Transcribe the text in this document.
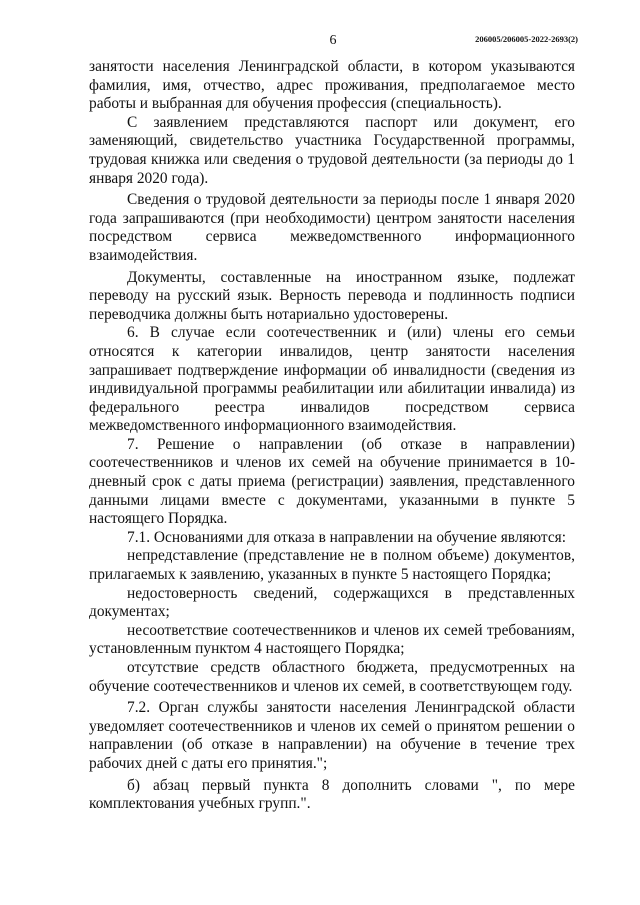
6	206005/206005-2022-2693(2)

занятости населения Ленинградской области, в котором указываются фамилия, имя, отчество, адрес проживания, предполагаемое место работы и выбранная для обучения профессия (специальность).

С заявлением представляются паспорт или документ, его заменяющий, свидетельство участника Государственной программы, трудовая книжка или сведения о трудовой деятельности (за периоды до 1 января 2020 года).

Сведения о трудовой деятельности за периоды после 1 января 2020 года запрашиваются (при необходимости) центром занятости населения посредством сервиса межведомственного информационного взаимодействия.

Документы, составленные на иностранном языке, подлежат переводу на русский язык. Верность перевода и подлинность подписи переводчика должны быть нотариально удостоверены.

6. В случае если соотечественник и (или) члены его семьи относятся к категории инвалидов, центр занятости населения запрашивает подтверждение информации об инвалидности (сведения из индивидуальной программы реабилитации или абилитации инвалида) из федерального реестра инвалидов посредством сервиса межведомственного информационного взаимодействия.

7. Решение о направлении (об отказе в направлении) соотечественников и членов их семей на обучение принимается в 10-дневный срок с даты приема (регистрации) заявления, представленного данными лицами вместе с документами, указанными в пункте 5 настоящего Порядка.

7.1. Основаниями для отказа в направлении на обучение являются:

непредставление (представление не в полном объеме) документов, прилагаемых к заявлению, указанных в пункте 5 настоящего Порядка;

недостоверность сведений, содержащихся в представленных документах;

несоответствие соотечественников и членов их семей требованиям, установленным пунктом 4 настоящего Порядка;

отсутствие средств областного бюджета, предусмотренных на обучение соотечественников и членов их семей, в соответствующем году.

7.2. Орган службы занятости населения Ленинградской области уведомляет соотечественников и членов их семей о принятом решении о направлении (об отказе в направлении) на обучение в течение трех рабочих дней с даты его принятия.";

б) абзац первый пункта 8 дополнить словами ", по мере комплектования учебных групп.".
